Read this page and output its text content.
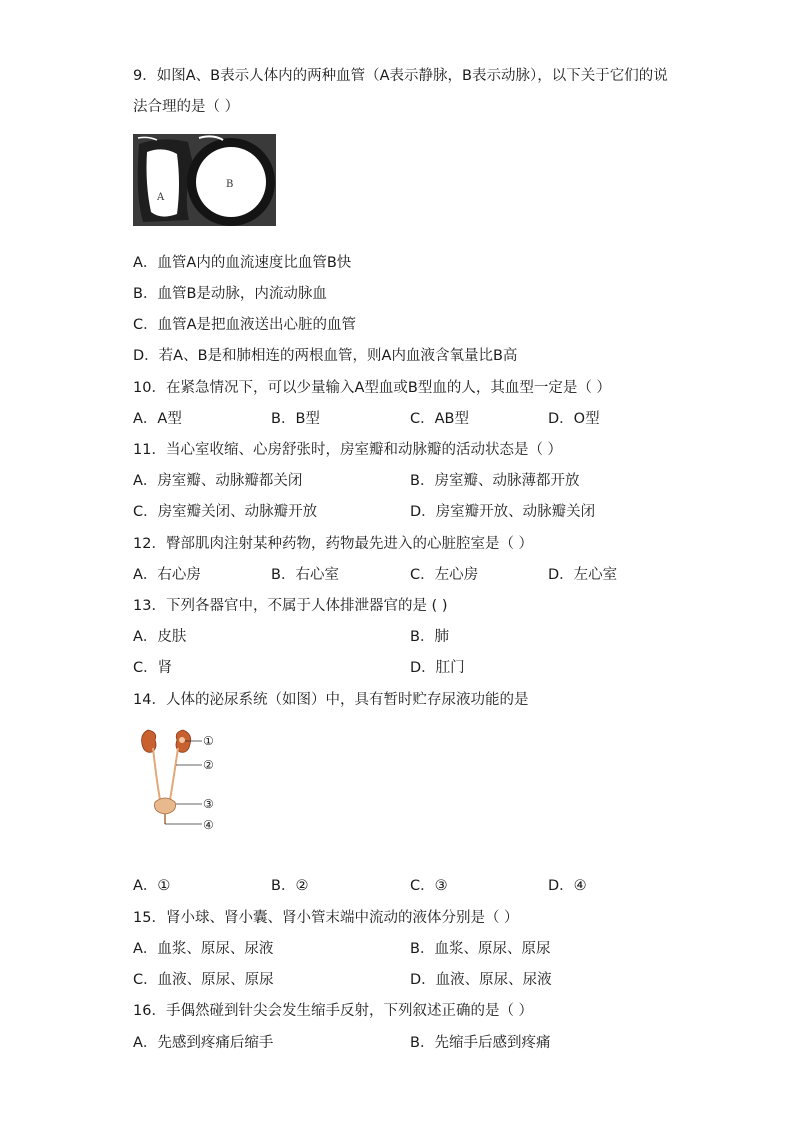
9．如图A、B表示人体内的两种血管（A表示静脉，B表示动脉），以下关于它们的说
法合理的是（ ）
A
B
A．血管A内的血流速度比血管B快
B．血管B是动脉，内流动脉血
C．血管A是把血液送出心脏的血管
D．若A、B是和肺相连的两根血管，则A内血液含氧量比B高
10．在紧急情况下，可以少量输入A型血或B型血的人，其血型一定是（ ）
A．A型	B．B型	C．AB型	D．O型
11．当心室收缩、心房舒张时，房室瓣和动脉瓣的活动状态是（ ）
A．房室瓣、动脉瓣都关闭	B．房室瓣、动脉薄都开放
C．房室瓣关闭、动脉瓣开放	D．房室瓣开放、动脉瓣关闭
12．臀部肌肉注射某种药物，药物最先进入的心脏腔室是（ ）
A．右心房	B．右心室	C．左心房	D．左心室
13．下列各器官中，不属于人体排泄器官的是 ( )
A．皮肤	B．肺
C．肾	D．肛门
14．人体的泌尿系统（如图）中，具有暂时贮存尿液功能的是
①
②
③
④
A．①	B．②	C．③	D．④
15．肾小球、肾小囊、肾小管末端中流动的液体分别是（ ）
A．血浆、原尿、尿液	B．血浆、原尿、原尿
C．血液、原尿、原尿	D．血液、原尿、尿液
16．手偶然碰到针尖会发生缩手反射，下列叙述正确的是（ ）
A．先感到疼痛后缩手	B．先缩手后感到疼痛
